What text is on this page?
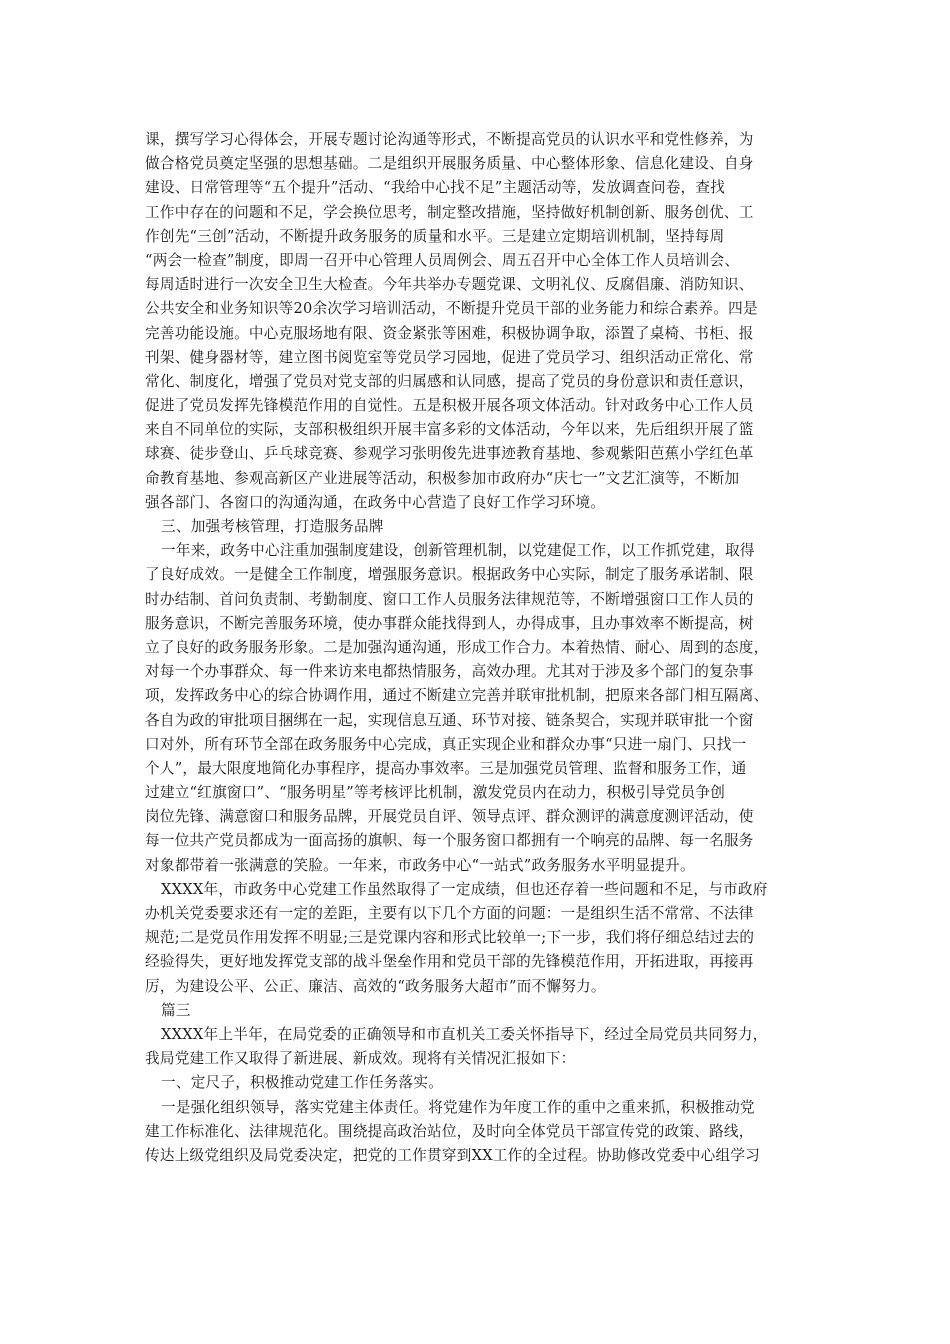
课，撰写学习心得体会，开展专题讨论沟通等形式，不断提高党员的认识水平和党性修养，为
做合格党员奠定坚强的思想基础。二是组织开展服务质量、中心整体形象、信息化建设、自身
建设、日常管理等“五个提升”活动、“我给中心找不足”主题活动等，发放调查问卷，查找
工作中存在的问题和不足，学会换位思考，制定整改措施，坚持做好机制创新、服务创优、工
作创先“三创”活动，不断提升政务服务的质量和水平。三是建立定期培训机制，坚持每周
“两会一检查”制度，即周一召开中心管理人员周例会、周五召开中心全体工作人员培训会、
每周适时进行一次安全卫生大检查。今年共举办专题党课、文明礼仪、反腐倡廉、消防知识、
公共安全和业务知识等20余次学习培训活动，不断提升党员干部的业务能力和综合素养。四是
完善功能设施。中心克服场地有限、资金紧张等困难，积极协调争取，添置了桌椅、书柜、报
刊架、健身器材等，建立图书阅览室等党员学习园地，促进了党员学习、组织活动正常化、常
常化、制度化，增强了党员对党支部的归属感和认同感，提高了党员的身份意识和责任意识，
促进了党员发挥先锋模范作用的自觉性。五是积极开展各项文体活动。针对政务中心工作人员
来自不同单位的实际，支部积极组织开展丰富多彩的文体活动，今年以来，先后组织开展了篮
球赛、徒步登山、乒乓球竞赛、参观学习张明俊先进事迹教育基地、参观紫阳芭蕉小学红色革
命教育基地、参观高新区产业进展等活动，积极参加市政府办“庆七一”文艺汇演等，不断加
强各部门、各窗口的沟通沟通，在政务中心营造了良好工作学习环境。
三、加强考核管理，打造服务品牌
一年来，政务中心注重加强制度建设，创新管理机制，以党建促工作，以工作抓党建，取得
了良好成效。一是健全工作制度，增强服务意识。根据政务中心实际，制定了服务承诺制、限
时办结制、首问负责制、考勤制度、窗口工作人员服务法律规范等，不断增强窗口工作人员的
服务意识，不断完善服务环境，使办事群众能找得到人，办得成事，且办事效率不断提高，树
立了良好的政务服务形象。二是加强沟通沟通，形成工作合力。本着热情、耐心、周到的态度，
对每一个办事群众、每一件来访来电都热情服务，高效办理。尤其对于涉及多个部门的复杂事
项，发挥政务中心的综合协调作用，通过不断建立完善并联审批机制，把原来各部门相互隔离、
各自为政的审批项目捆绑在一起，实现信息互通、环节对接、链条契合，实现并联审批一个窗
口对外，所有环节全部在政务服务中心完成，真正实现企业和群众办事“只进一扇门、只找一
个人”，最大限度地简化办事程序，提高办事效率。三是加强党员管理、监督和服务工作，通
过建立“红旗窗口”、“服务明星”等考核评比机制，激发党员内在动力，积极引导党员争创
岗位先锋、满意窗口和服务品牌，开展党员自评、领导点评、群众测评的满意度测评活动，使
每一位共产党员都成为一面高扬的旗帜、每一个服务窗口都拥有一个响亮的品牌、每一名服务
对象都带着一张满意的笑脸。一年来，市政务中心“一站式”政务服务水平明显提升。
XXXX年，市政务中心党建工作虽然取得了一定成绩，但也还存着一些问题和不足，与市政府
办机关党委要求还有一定的差距，主要有以下几个方面的问题：一是组织生活不常常、不法律
规范;二是党员作用发挥不明显;三是党课内容和形式比较单一;下一步，我们将仔细总结过去的
经验得失，更好地发挥党支部的战斗堡垒作用和党员干部的先锋模范作用，开拓进取，再接再
厉，为建设公平、公正、廉洁、高效的“政务服务大超市”而不懈努力。
篇三
XXXX年上半年，在局党委的正确领导和市直机关工委关怀指导下，经过全局党员共同努力，
我局党建工作又取得了新进展、新成效。现将有关情况汇报如下：
一、定尺子，积极推动党建工作任务落实。
一是强化组织领导，落实党建主体责任。将党建作为年度工作的重中之重来抓，积极推动党
建工作标准化、法律规范化。围绕提高政治站位，及时向全体党员干部宣传党的政策、路线，
传达上级党组织及局党委决定，把党的工作贯穿到XX工作的全过程。协助修改党委中心组学习
